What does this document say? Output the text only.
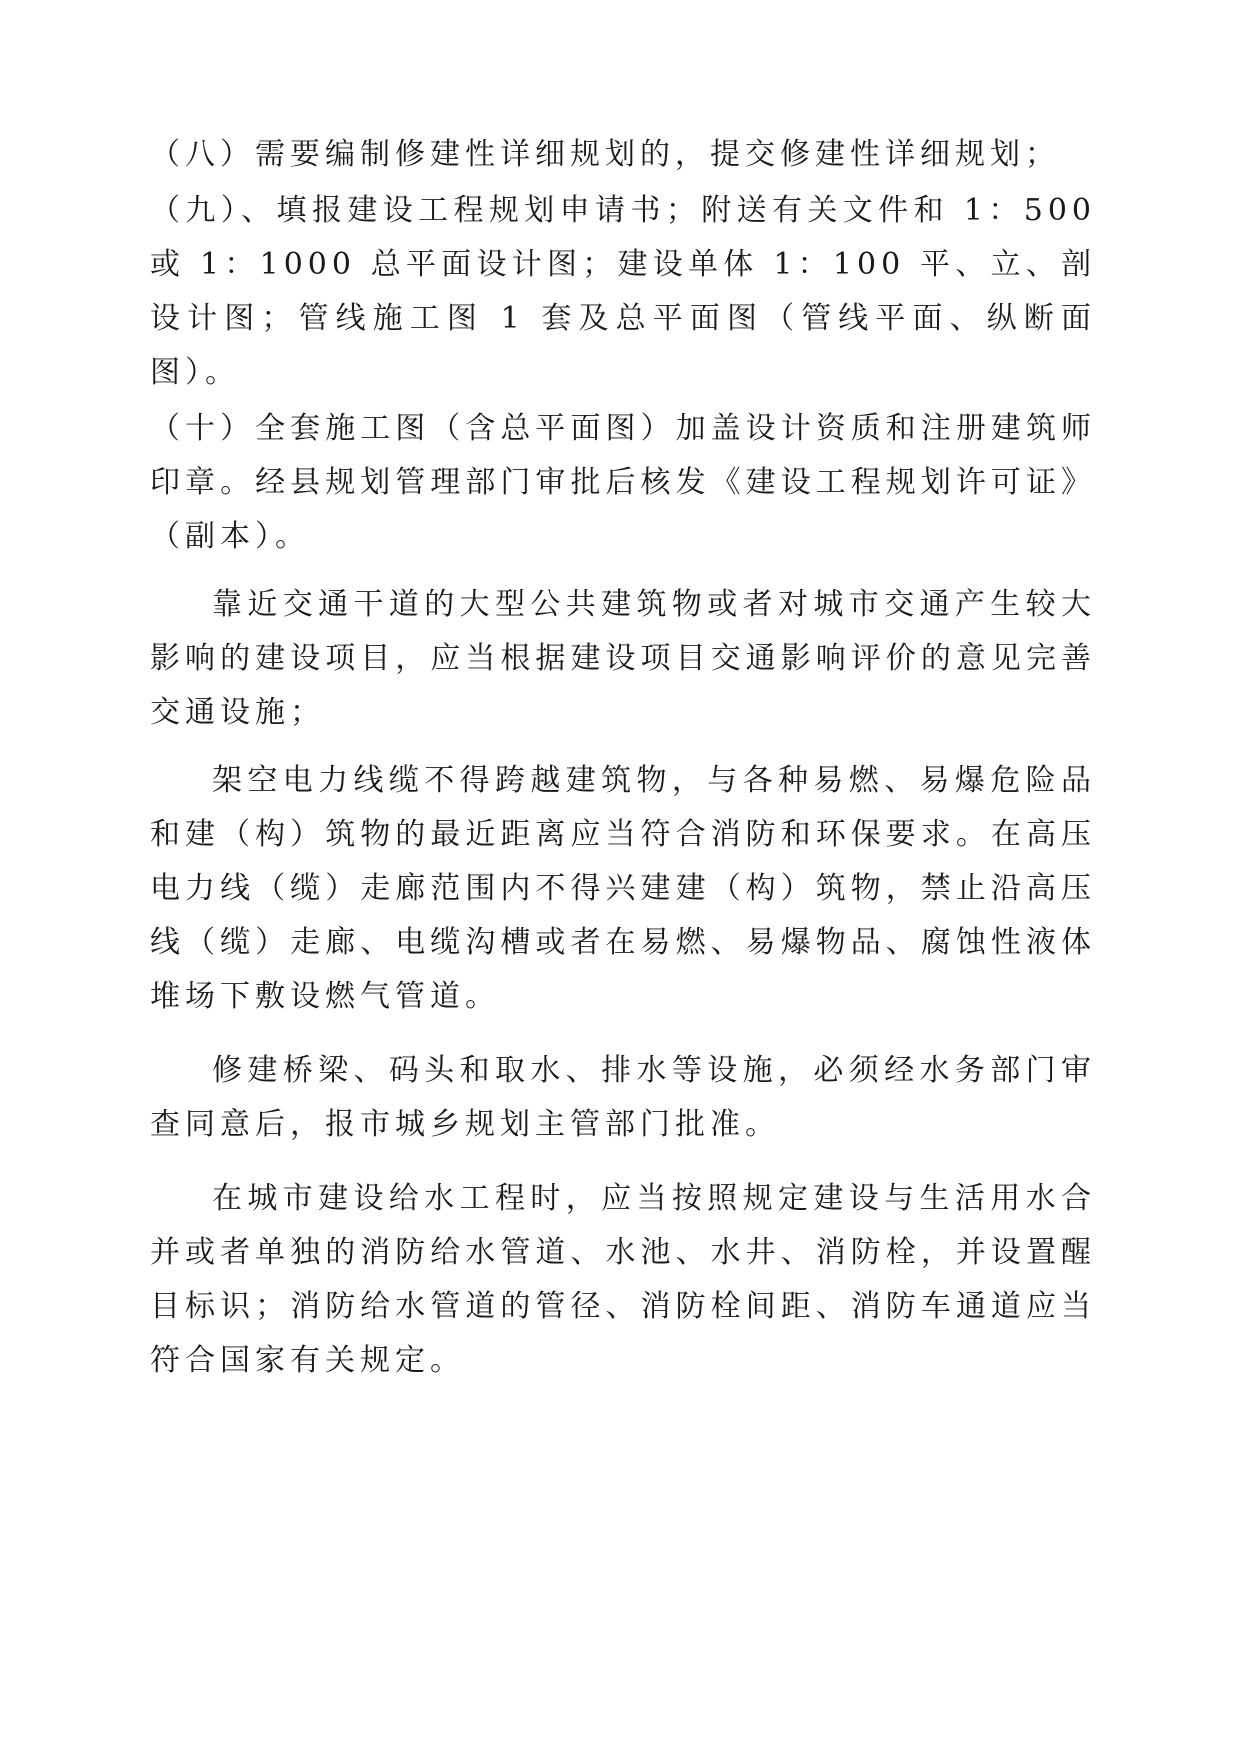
（八）需要编制修建性详细规划的，提交修建性详细规划；

（九）、填报建设工程规划申请书；附送有关文件和 1：500 或 1：1000 总平面设计图；建设单体 1：100 平、立、剖设计图；管线施工图 1 套及总平面图（管线平面、纵断面图）。

（十）全套施工图（含总平面图）加盖设计资质和注册建筑师印章。经县规划管理部门审批后核发《建设工程规划许可证》（副本）。

靠近交通干道的大型公共建筑物或者对城市交通产生较大影响的建设项目，应当根据建设项目交通影响评价的意见完善交通设施；

架空电力线缆不得跨越建筑物，与各种易燃、易爆危险品和建（构）筑物的最近距离应当符合消防和环保要求。在高压电力线（缆）走廊范围内不得兴建建（构）筑物，禁止沿高压线（缆）走廊、电缆沟槽或者在易燃、易爆物品、腐蚀性液体堆场下敷设燃气管道。

修建桥梁、码头和取水、排水等设施，必须经水务部门审查同意后，报市城乡规划主管部门批准。

在城市建设给水工程时，应当按照规定建设与生活用水合并或者单独的消防给水管道、水池、水井、消防栓，并设置醒目标识；消防给水管道的管径、消防栓间距、消防车通道应当符合国家有关规定。
